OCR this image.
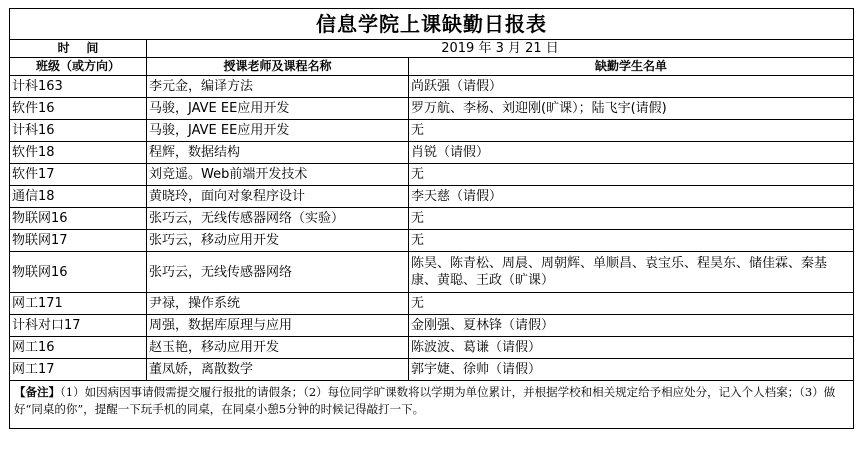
信息学院上课缺勤日报表		
时    间	2019 年 3 月 21 日	
班级（或方向）	授课老师及课程名称	缺勤学生名单
计科163	李元金，编译方法	尚跃强（请假）
软件16	马骏，JAVE EE应用开发	罗万航、李杨、刘迎刚(旷课）；陆飞宇(请假)
计科16	马骏，JAVE EE应用开发	无
软件18	程辉，数据结构	肖锐（请假）
软件17	刘竞遥。Web前端开发技术	无
通信18	黄晓玲，面向对象程序设计	李天慈（请假）
物联网16	张巧云，无线传感器网络（实验）	无
物联网17	张巧云，移动应用开发	无
物联网16	张巧云，无线传感器网络	陈昊、陈青松、周晨、周朝辉、单顺昌、袁宝乐、程昊东、储佳霖、秦基康、黄聪、王政（旷课）
网工171	尹禄，操作系统	无
计科对口17	周强，数据库原理与应用	金刚强、夏林锋（请假）
网工16	赵玉艳，移动应用开发	陈波波、葛谦（请假）
网工17	董凤娇，离散数学	郭宇婕、徐帅（请假）
【备注】（1）如因病因事请假需提交履行报批的请假条；（2）每位同学旷课数将以学期为单位累计，并根据学校和相关规定给予相应处分，记入个人档案；（3）做好“同桌的你”，提醒一下玩手机的同桌，在同桌小憩5分钟的时候记得敲打一下。		
